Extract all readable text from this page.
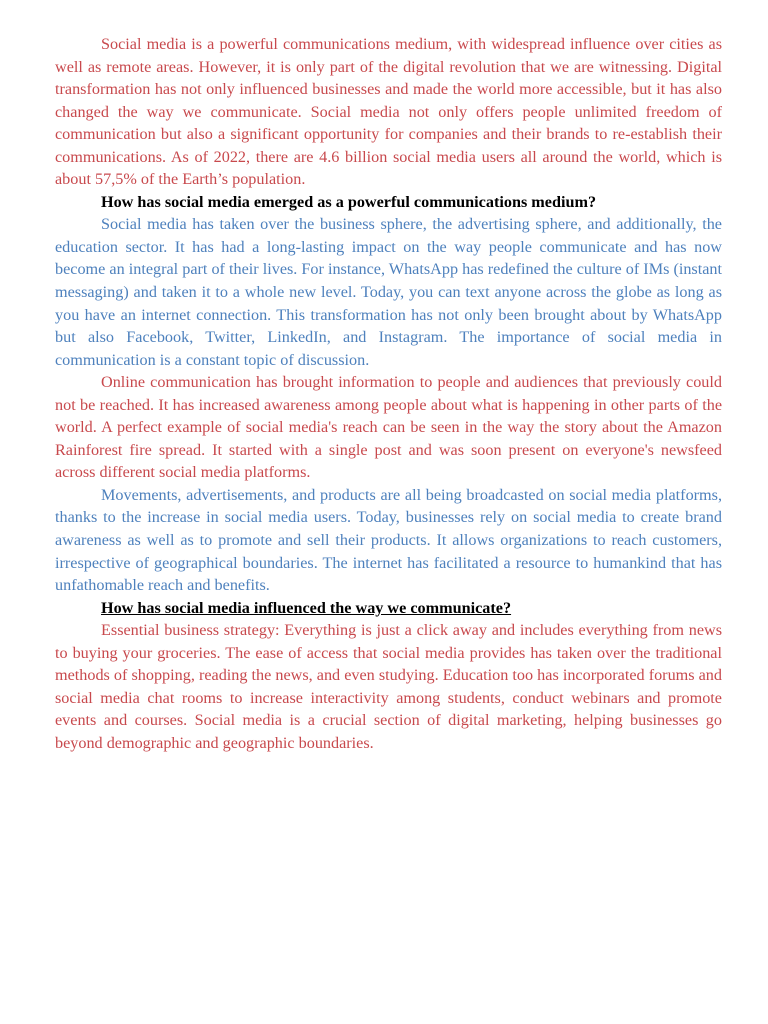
Social media is a powerful communications medium, with widespread influence over cities as well as remote areas. However, it is only part of the digital revolution that we are witnessing. Digital transformation has not only influenced businesses and made the world more accessible, but it has also changed the way we communicate. Social media not only offers people unlimited freedom of communication but also a significant opportunity for companies and their brands to re-establish their communications. As of 2022, there are 4.6 billion social media users all around the world, which is about 57,5% of the Earth’s population.

How has social media emerged as a powerful communications medium?

Social media has taken over the business sphere, the advertising sphere, and additionally, the education sector. It has had a long-lasting impact on the way people communicate and has now become an integral part of their lives. For instance, WhatsApp has redefined the culture of IMs (instant messaging) and taken it to a whole new level. Today, you can text anyone across the globe as long as you have an internet connection. This transformation has not only been brought about by WhatsApp but also Facebook, Twitter, LinkedIn, and Instagram. The importance of social media in communication is a constant topic of discussion.

Online communication has brought information to people and audiences that previously could not be reached. It has increased awareness among people about what is happening in other parts of the world. A perfect example of social media's reach can be seen in the way the story about the Amazon Rainforest fire spread. It started with a single post and was soon present on everyone's newsfeed across different social media platforms.

Movements, advertisements, and products are all being broadcasted on social media platforms, thanks to the increase in social media users. Today, businesses rely on social media to create brand awareness as well as to promote and sell their products. It allows organizations to reach customers, irrespective of geographical boundaries. The internet has facilitated a resource to humankind that has unfathomable reach and benefits.

How has social media influenced the way we communicate?

Essential business strategy: Everything is just a click away and includes everything from news to buying your groceries. The ease of access that social media provides has taken over the traditional methods of shopping, reading the news, and even studying. Education too has incorporated forums and social media chat rooms to increase interactivity among students, conduct webinars and promote events and courses. Social media is a crucial section of digital marketing, helping businesses go beyond demographic and geographic boundaries.
